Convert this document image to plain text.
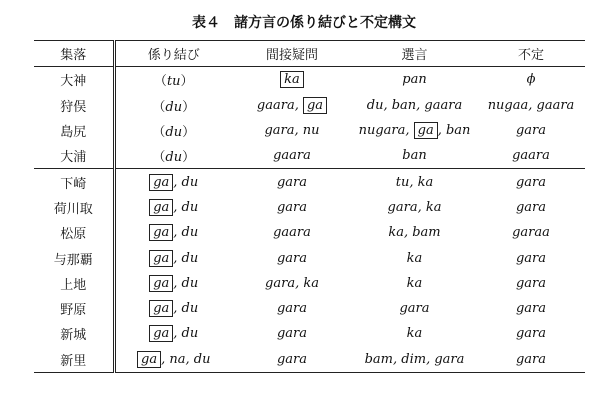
表４　諸方言の係り結びと不定構文
集落	係り結び	間接疑問	選言	不定
大神	（tu）	ka	pan	ϕ
狩俣	（du）	gaara, ga	du, ban, gaara	nugaa, gaara
島尻	（du）	gara, nu	nugara, ga , ban	gara
大浦	（du）	gaara	ban	gaara
下崎	ga , du	gara	tu, ka	gara
荷川取	ga , du	gara	gara, ka	gara
松原	ga , du	gaara	ka, bam	garaa
与那覇	ga , du	gara	ka	gara
上地	ga , du	gara, ka	ka	gara
野原	ga , du	gara	gara	gara
新城	ga , du	gara	ka	gara
新里	ga , na, du	gara	bam, dim, gara	gara
